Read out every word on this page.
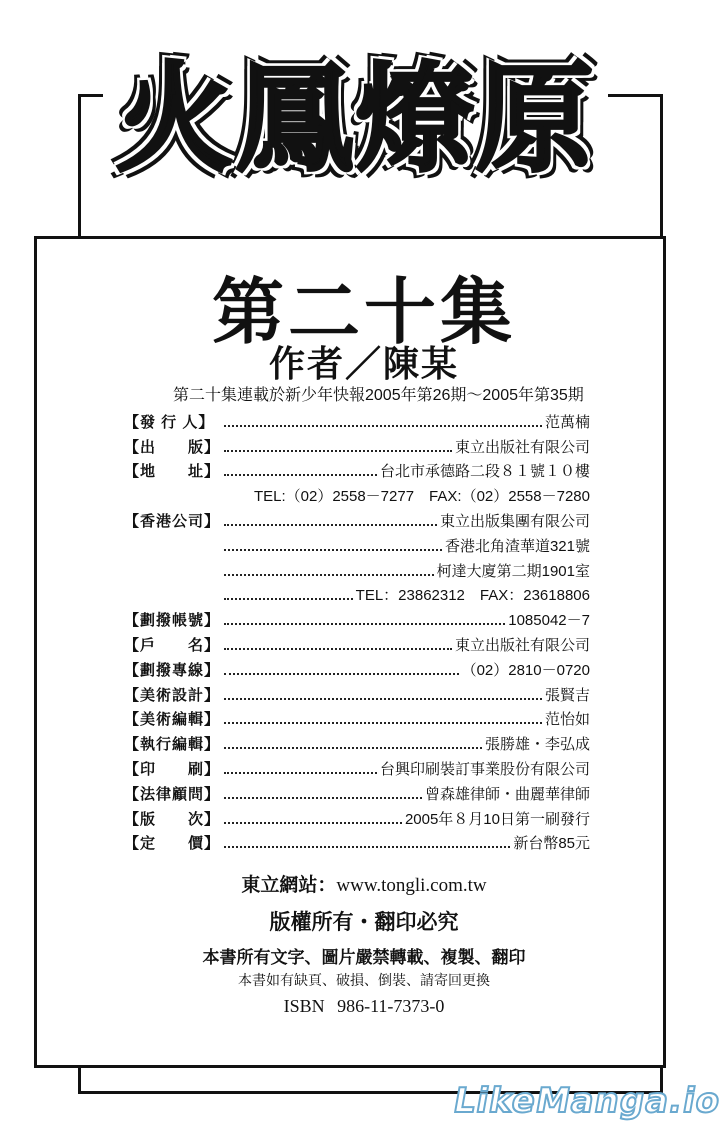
火鳳燎原
第二十集
作者／陳某
第二十集連載於新少年快報2005年第26期～2005年第35期
【發 行 人】	范萬楠
【出　　版】	東立出版社有限公司
【地　　址】	台北市承德路二段８１號１０樓
TEL:（02）2558－7277　FAX:（02）2558－7280
【香港公司】	東立出版集團有限公司
香港北角渣華道321號
柯達大廈第二期1901室
TEL：23862312　FAX：23618806
【劃撥帳號】	1085042－7
【戶　　名】	東立出版社有限公司
【劃撥專線】	（02）2810－0720
【美術設計】	張賢吉
【美術編輯】	范怡如
【執行編輯】	張勝雄・李弘成
【印　　刷】	台興印刷裝訂事業股份有限公司
【法律顧問】	曾森雄律師・曲麗華律師
【版　　次】	2005年８月10日第一刷發行
【定　　價】	新台幣85元
東立網站：www.tongli.com.tw
版權所有・翻印必究
本書所有文字、圖片嚴禁轉載、複製、翻印
本書如有缺頁、破損、倒裝、請寄回更換
ISBN 986-11-7373-0
LikeManga.io
